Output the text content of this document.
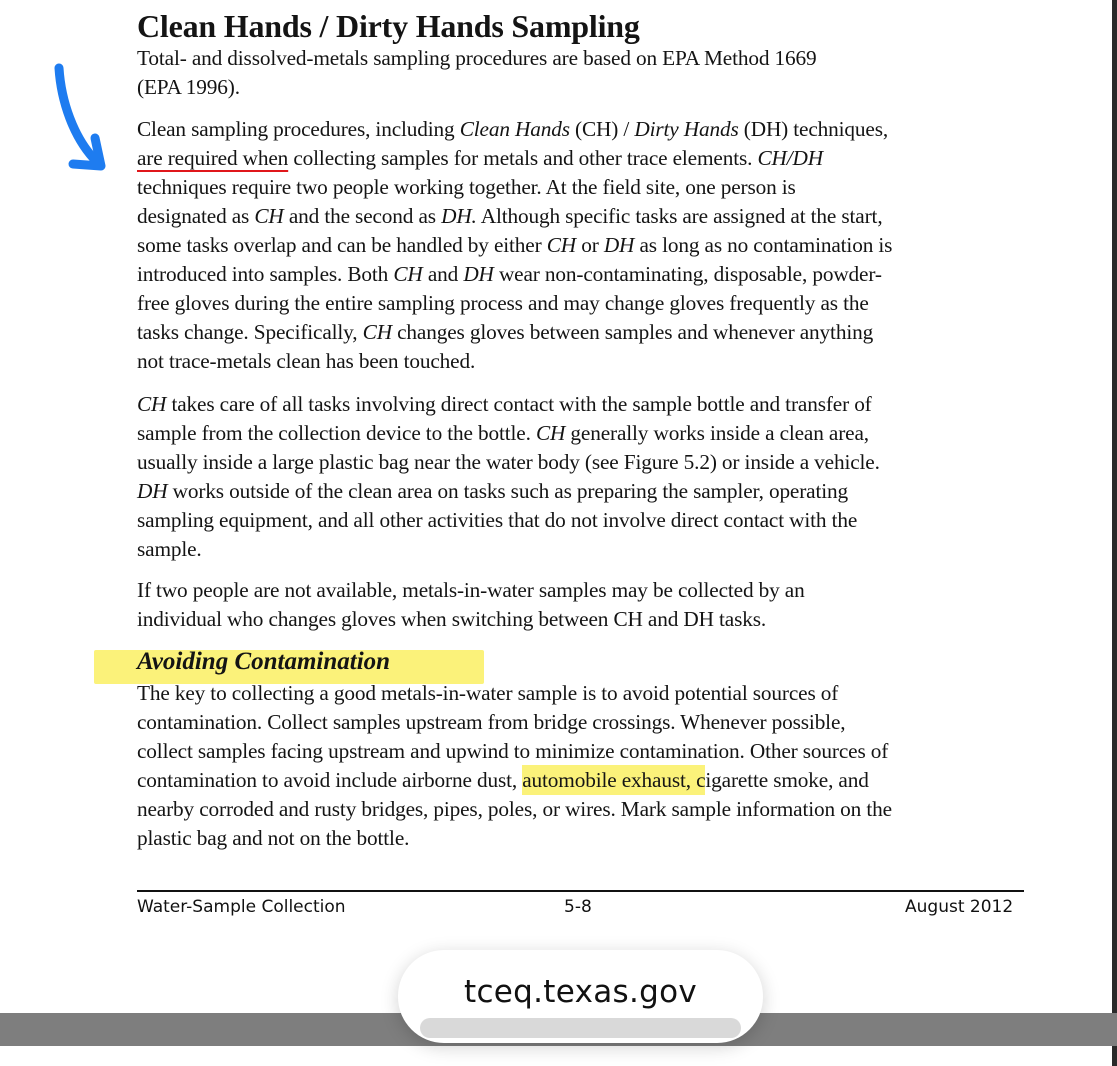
Clean Hands / Dirty Hands Sampling

Total- and dissolved-metals sampling procedures are based on EPA Method 1669
(EPA 1996).

Clean sampling procedures, including Clean Hands (CH) / Dirty Hands (DH) techniques,
are required when collecting samples for metals and other trace elements. CH/DH
techniques require two people working together. At the field site, one person is
designated as CH and the second as DH. Although specific tasks are assigned at the start,
some tasks overlap and can be handled by either CH or DH as long as no contamination is
introduced into samples. Both CH and DH wear non-contaminating, disposable, powder-
free gloves during the entire sampling process and may change gloves frequently as the
tasks change. Specifically, CH changes gloves between samples and whenever anything
not trace-metals clean has been touched.

CH takes care of all tasks involving direct contact with the sample bottle and transfer of
sample from the collection device to the bottle. CH generally works inside a clean area,
usually inside a large plastic bag near the water body (see Figure 5.2) or inside a vehicle.
DH works outside of the clean area on tasks such as preparing the sampler, operating
sampling equipment, and all other activities that do not involve direct contact with the
sample.

If two people are not available, metals-in-water samples may be collected by an
individual who changes gloves when switching between CH and DH tasks.

Avoiding Contamination

The key to collecting a good metals-in-water sample is to avoid potential sources of
contamination. Collect samples upstream from bridge crossings. Whenever possible,
collect samples facing upstream and upwind to minimize contamination. Other sources of
contamination to avoid include airborne dust, automobile exhaust, cigarette smoke, and
nearby corroded and rusty bridges, pipes, poles, or wires. Mark sample information on the
plastic bag and not on the bottle.

Water-Sample Collection	5-8	August 2012
tceq.texas.gov
